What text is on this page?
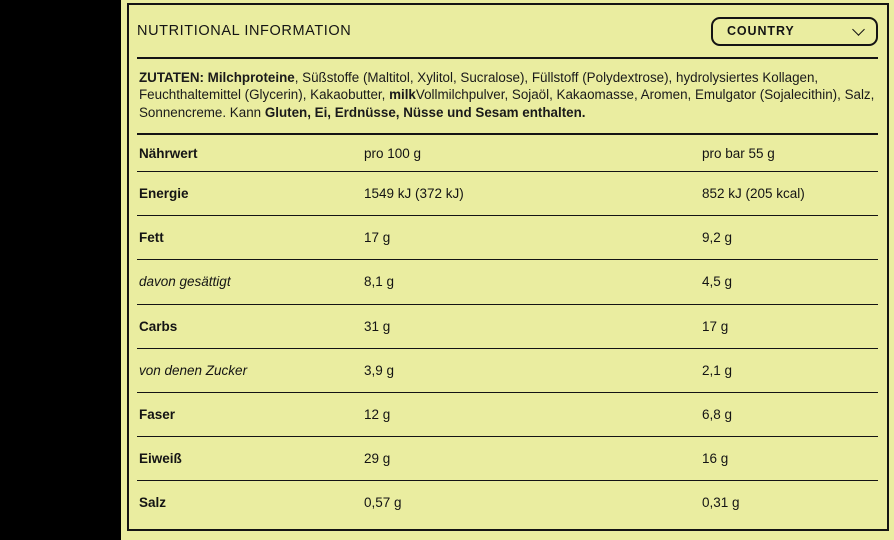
NUTRITIONAL INFORMATION	COUNTRY
ZUTATEN: Milchproteine, Süßstoffe (Maltitol, Xylitol, Sucralose), Füllstoff (Polydextrose), hydrolysiertes Kollagen, Feuchthaltemittel (Glycerin), Kakaobutter, milkVollmilchpulver, Sojaöl, Kakaomasse, Aromen, Emulgator (Sojalecithin), Salz, Sonnencreme. Kann Gluten, Ei, Erdnüsse, Nüsse und Sesam enthalten.
Nährwert	pro 100 g	pro bar 55 g
Energie	1549 kJ (372 kJ)	852 kJ (205 kcal)
Fett	17 g	9,2 g
davon gesättigt	8,1 g	4,5 g
Carbs	31 g	17 g
von denen Zucker	3,9 g	2,1 g
Faser	12 g	6,8 g
Eiweiß	29 g	16 g
Salz	0,57 g	0,31 g
